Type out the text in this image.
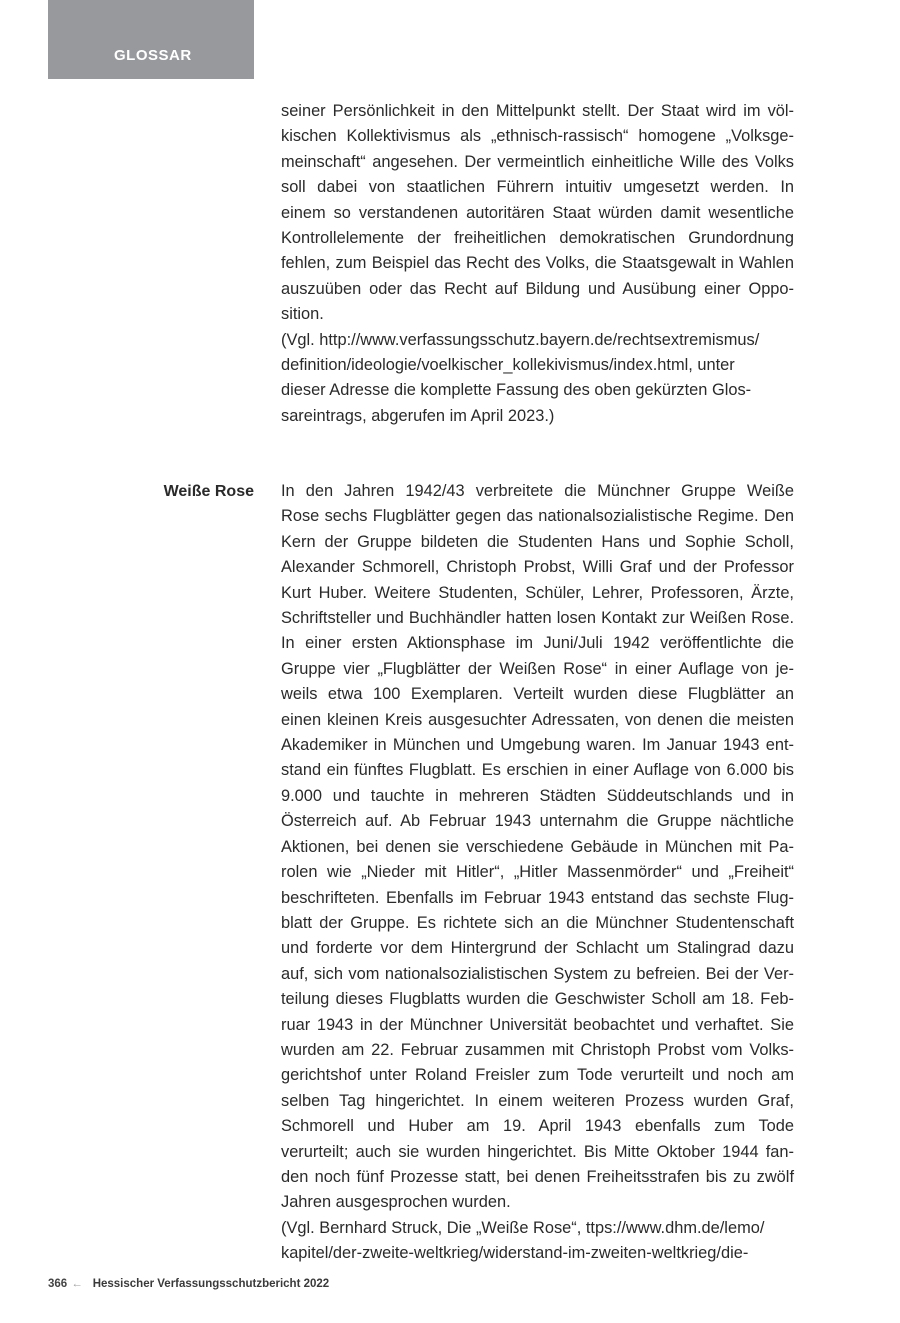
GLOSSAR
seiner Persönlichkeit in den Mittelpunkt stellt. Der Staat wird im völ-
kischen Kollektivismus als „ethnisch-rassisch“ homogene „Volksge-
meinschaft“ angesehen. Der vermeintlich einheitliche Wille des Volks
soll dabei von staatlichen Führern intuitiv umgesetzt werden. In
einem so verstandenen autoritären Staat würden damit wesentliche
Kontrollelemente der freiheitlichen demokratischen Grundordnung
fehlen, zum Beispiel das Recht des Volks, die Staatsgewalt in Wahlen
auszuüben oder das Recht auf Bildung und Ausübung einer Oppo-
sition.
(Vgl. http://www.verfassungsschutz.bayern.de/rechtsextremismus/
definition/ideologie/voelkischer_kollekivismus/index.html, unter
dieser Adresse die komplette Fassung des oben gekürzten Glos-
sareintrags, abgerufen im April 2023.)
Weiße Rose In den Jahren 1942/43 verbreitete die Münchner Gruppe Weiße
Rose sechs Flugblätter gegen das nationalsozialistische Regime. Den
Kern der Gruppe bildeten die Studenten Hans und Sophie Scholl,
Alexander Schmorell, Christoph Probst, Willi Graf und der Professor
Kurt Huber. Weitere Studenten, Schüler, Lehrer, Professoren, Ärzte,
Schriftsteller und Buchhändler hatten losen Kontakt zur Weißen Rose.
In einer ersten Aktionsphase im Juni/Juli 1942 veröffentlichte die
Gruppe vier „Flugblätter der Weißen Rose“ in einer Auflage von je-
weils etwa 100 Exemplaren. Verteilt wurden diese Flugblätter an
einen kleinen Kreis ausgesuchter Adressaten, von denen die meisten
Akademiker in München und Umgebung waren. Im Januar 1943 ent-
stand ein fünftes Flugblatt. Es erschien in einer Auflage von 6.000 bis
9.000 und tauchte in mehreren Städten Süddeutschlands und in
Österreich auf. Ab Februar 1943 unternahm die Gruppe nächtliche
Aktionen, bei denen sie verschiedene Gebäude in München mit Pa-
rolen wie „Nieder mit Hitler“, „Hitler Massenmörder“ und „Freiheit“
beschrifteten. Ebenfalls im Februar 1943 entstand das sechste Flug-
blatt der Gruppe. Es richtete sich an die Münchner Studentenschaft
und forderte vor dem Hintergrund der Schlacht um Stalingrad dazu
auf, sich vom nationalsozialistischen System zu befreien. Bei der Ver-
teilung dieses Flugblatts wurden die Geschwister Scholl am 18. Feb-
ruar 1943 in der Münchner Universität beobachtet und verhaftet. Sie
wurden am 22. Februar zusammen mit Christoph Probst vom Volks-
gerichtshof unter Roland Freisler zum Tode verurteilt und noch am
selben Tag hingerichtet. In einem weiteren Prozess wurden Graf,
Schmorell und Huber am 19. April 1943 ebenfalls zum Tode
verurteilt; auch sie wurden hingerichtet. Bis Mitte Oktober 1944 fan-
den noch fünf Prozesse statt, bei denen Freiheitsstrafen bis zu zwölf
Jahren ausgesprochen wurden.
(Vgl. Bernhard Struck, Die „Weiße Rose“, ttps://www.dhm.de/lemo/
kapitel/der-zweite-weltkrieg/widerstand-im-zweiten-weltkrieg/die-
366 ← Hessischer Verfassungsschutzbericht 2022
